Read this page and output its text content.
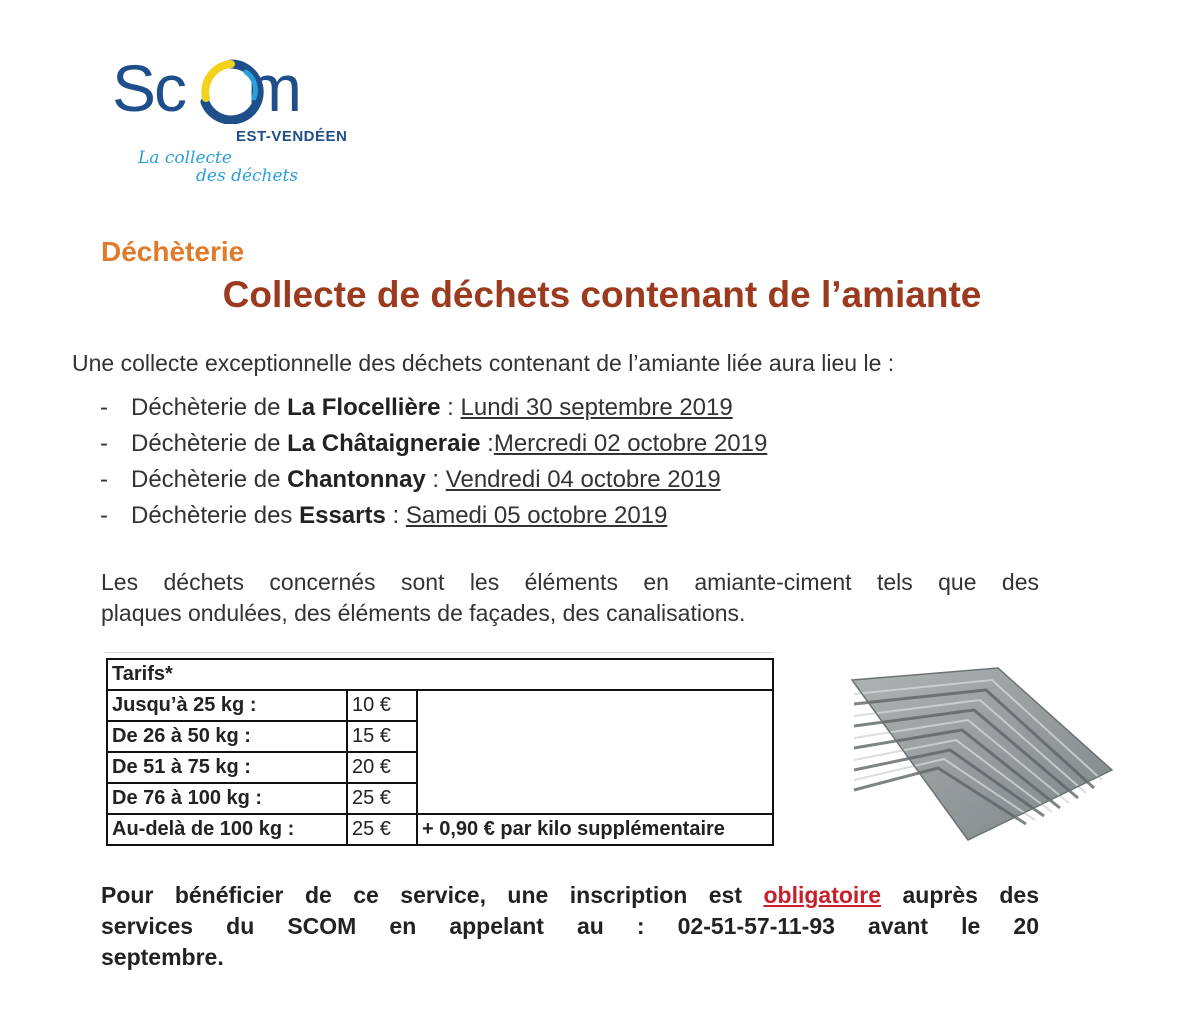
Sc m
EST-VENDÉEN
La collecte
des déchets
Déchèterie
Collecte de déchets contenant de l’amiante
Une collecte exceptionnelle des déchets contenant de l’amiante liée aura lieu le :
- Déchèterie de La Flocellière : Lundi 30 septembre 2019
- Déchèterie de La Châtaigneraie :Mercredi 02 octobre 2019
- Déchèterie de Chantonnay : Vendredi 04 octobre 2019
- Déchèterie des Essarts : Samedi 05 octobre 2019
Les déchets concernés sont les éléments en amiante-ciment tels que des
plaques ondulées, des éléments de façades, des canalisations.
Tarifs*		
Jusqu’à 25 kg :	10 €	
De 26 à 50 kg :	15 €	
De 51 à 75 kg :	20 €	
De 76 à 100 kg :	25 €	
Au-delà de 100 kg :	25 €	+ 0,90 € par kilo supplémentaire
Pour bénéficier de ce service, une inscription est obligatoire auprès des
services du SCOM en appelant au : 02-51-57-11-93 avant le 20
septembre.
